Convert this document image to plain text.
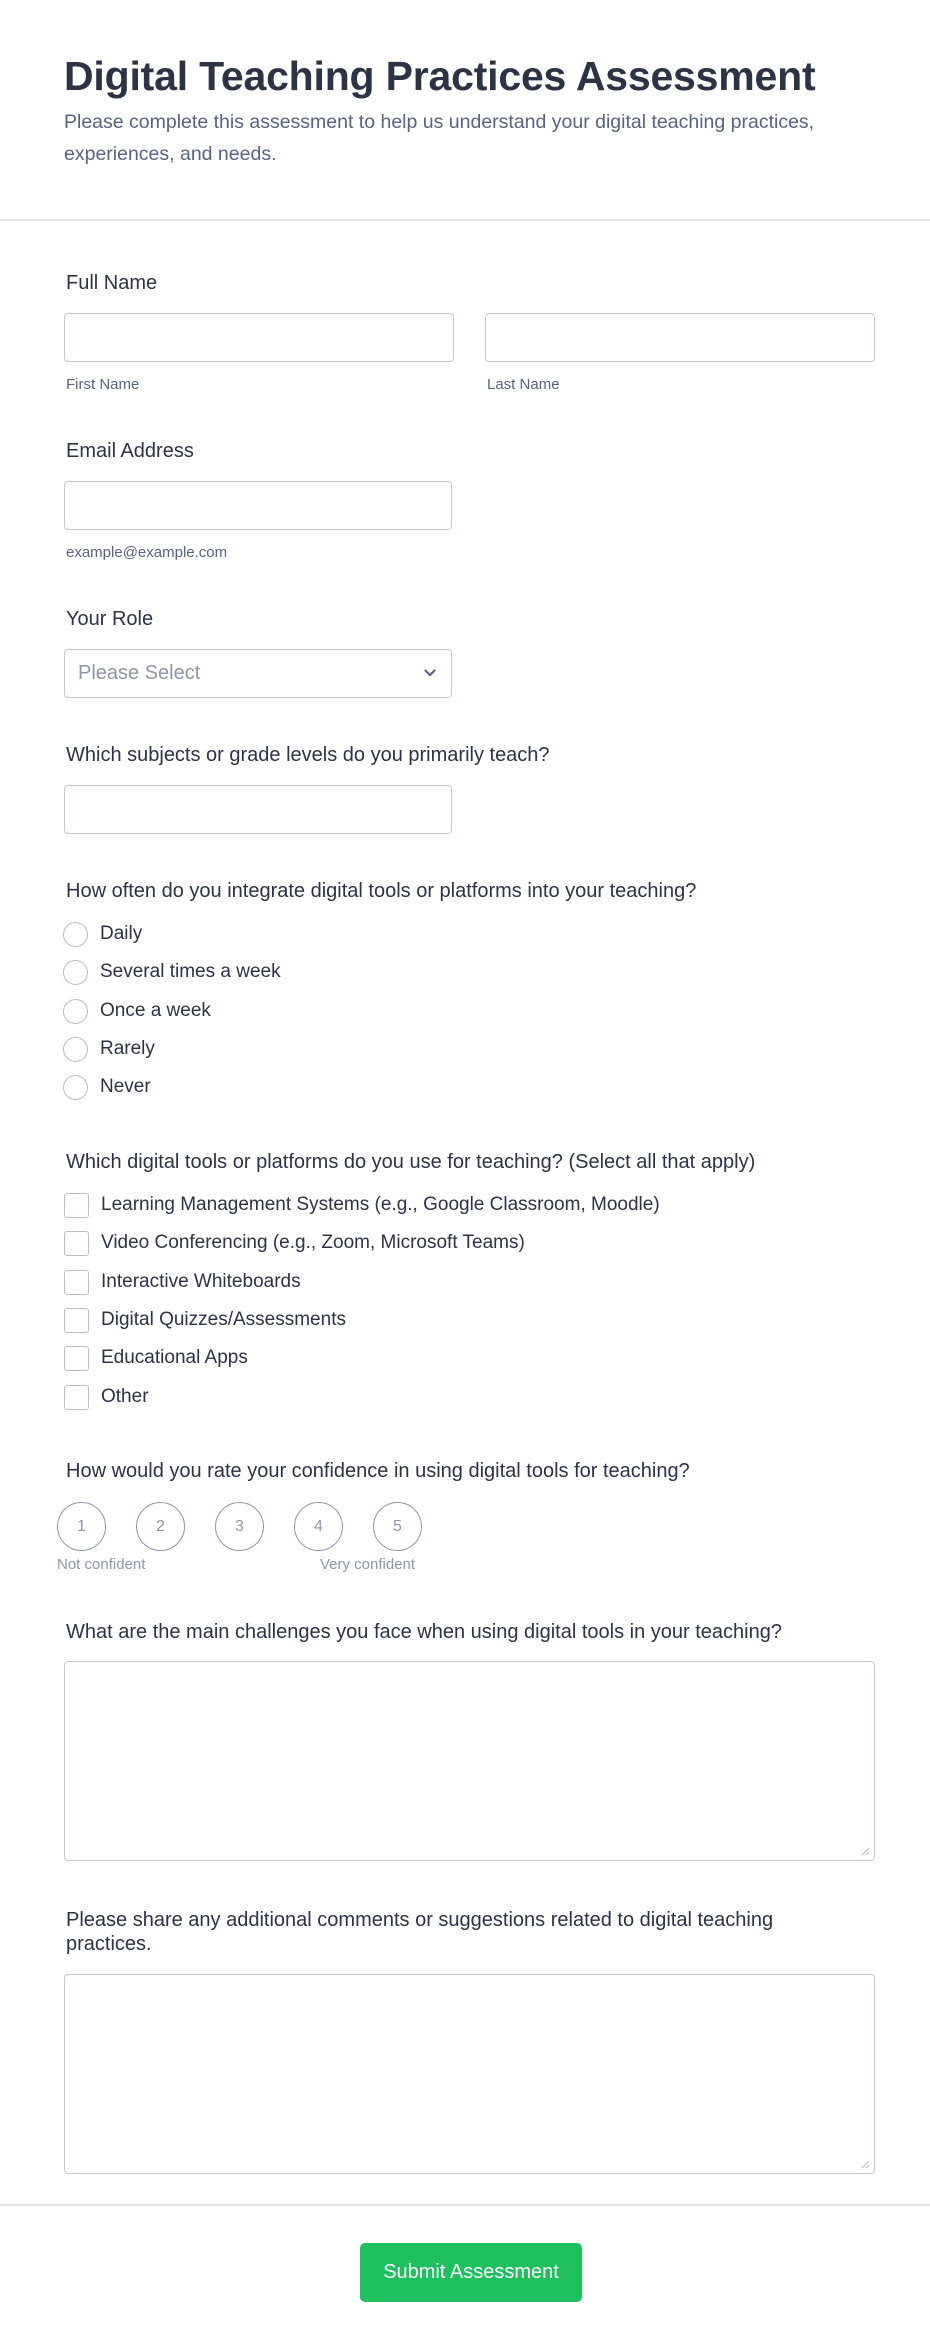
Digital Teaching Practices Assessment
Please complete this assessment to help us understand your digital teaching practices, experiences, and needs.
Full Name
First Name	Last Name
Email Address
example@example.com
Your Role
Please Select
Which subjects or grade levels do you primarily teach?
How often do you integrate digital tools or platforms into your teaching?
Daily
Several times a week
Once a week
Rarely
Never
Which digital tools or platforms do you use for teaching? (Select all that apply)
Learning Management Systems (e.g., Google Classroom, Moodle)
Video Conferencing (e.g., Zoom, Microsoft Teams)
Interactive Whiteboards
Digital Quizzes/Assessments
Educational Apps
Other
How would you rate your confidence in using digital tools for teaching?
1	2	3	4	5
Not confident	Very confident
What are the main challenges you face when using digital tools in your teaching?
Please share any additional comments or suggestions related to digital teaching
practices.
Submit Assessment
